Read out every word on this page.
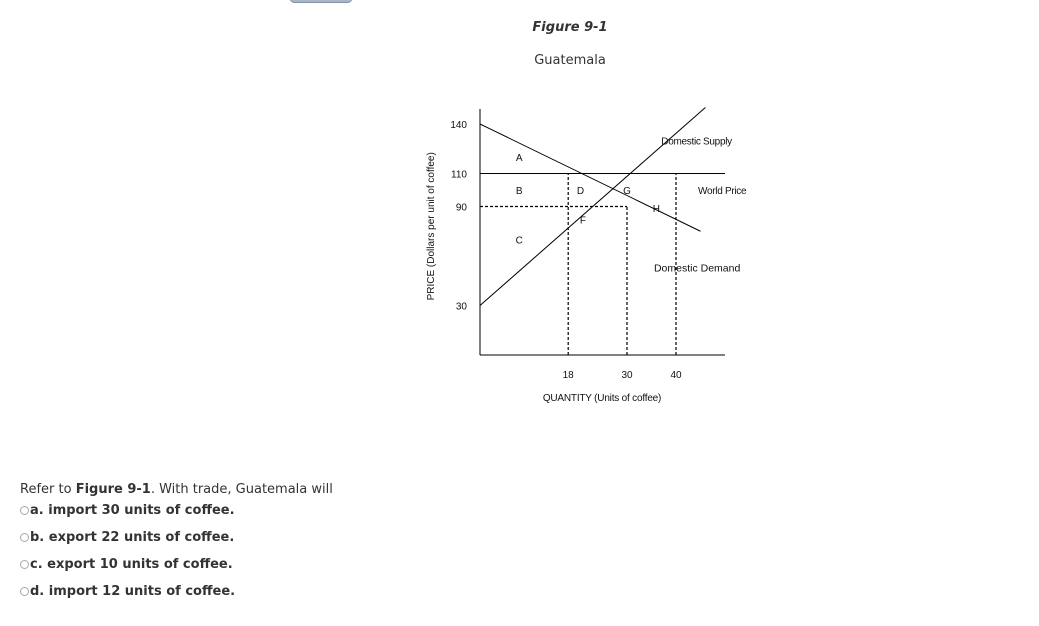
Figure 9-1
Guatemala
140
110
90
30
18	30	40
QUANTITY (Units of coffee)
PRICE (Dollars per unit of coffee)	A
B
C
D
F
G
H
Domestic Supply
World Price
Domestic Demand
Refer to Figure 9-1. With trade, Guatemala will
a. import 30 units of coffee.
b. export 22 units of coffee.
c. export 10 units of coffee.
d. import 12 units of coffee.
